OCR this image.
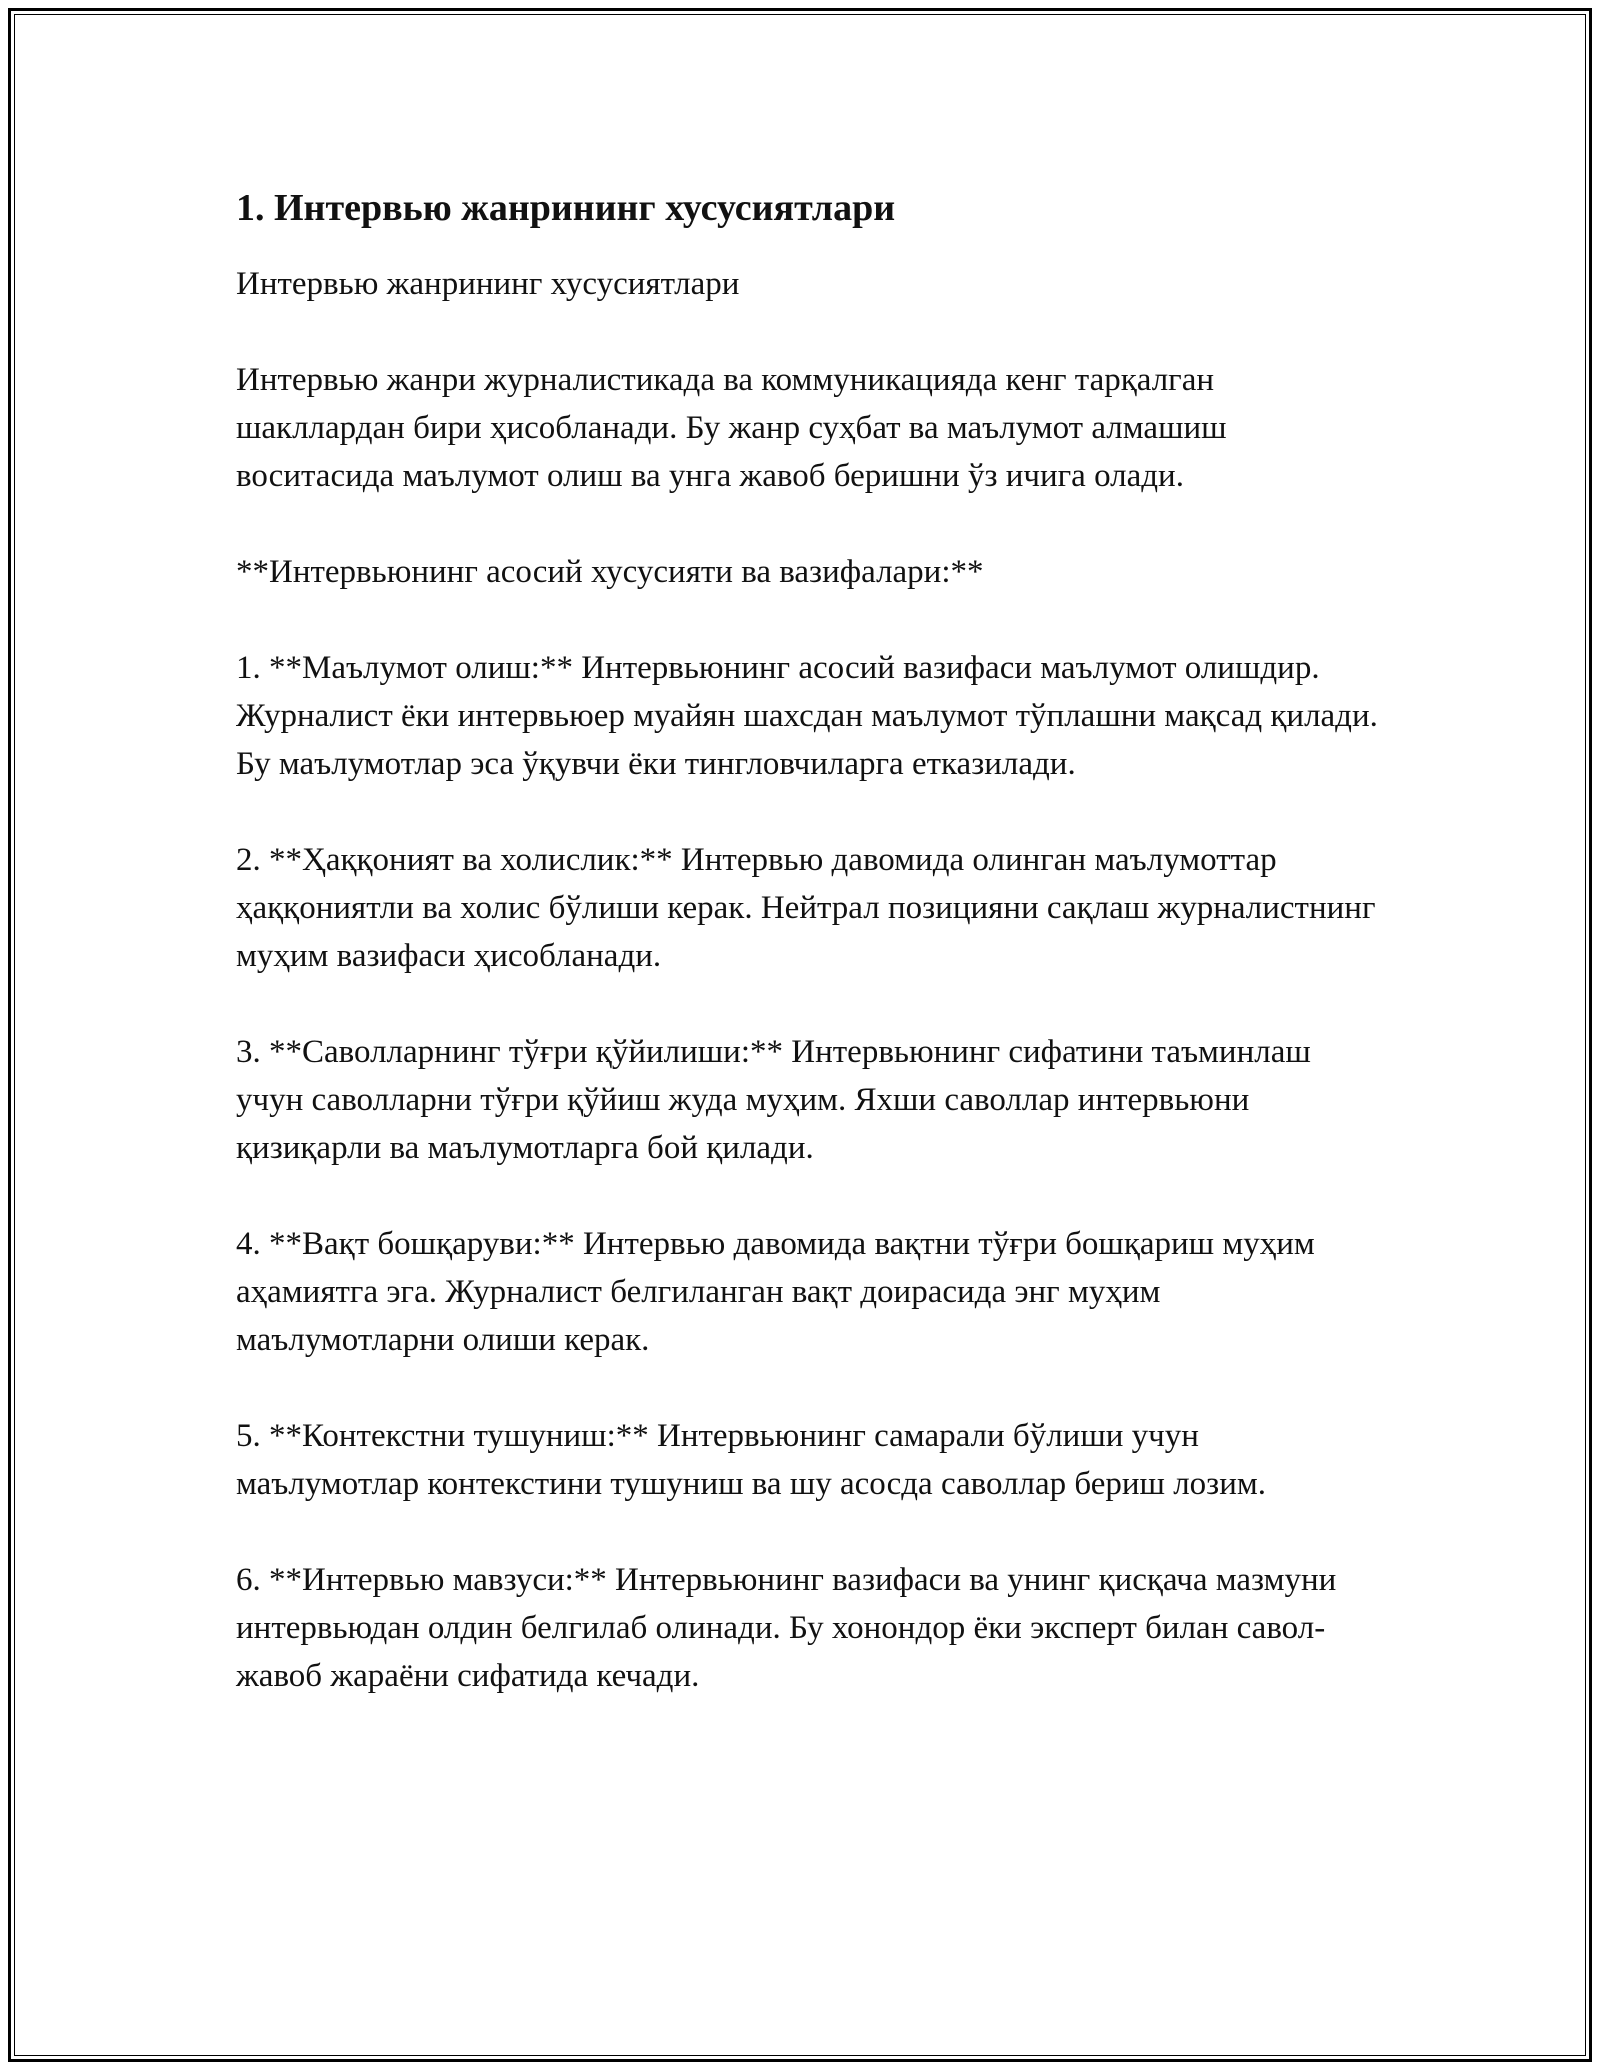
1. Интервью жанрининг хусусиятлари

Интервью жанрининг хусусиятлари

Интервью жанри журналистикада ва коммуникацияда кенг тарқалган шакллардан бири ҳисобланади. Бу жанр суҳбат ва маълумот алмашиш воситасида маълумот олиш ва унга жавоб беришни ўз ичига олади.

**Интервьюнинг асосий хусусияти ва вазифалари:**

1. **Маълумот олиш:** Интервьюнинг асосий вазифаси маълумот олишдир. Журналист ёки интервьюер муайян шахсдан маълумот тўплашни мақсад қилади. Бу маълумотлар эса ўқувчи ёки тингловчиларга етказилади.

2. **Ҳаққоният ва холислик:** Интервью давомида олинган маълумоттар ҳаққониятли ва холис бўлиши керак. Нейтрал позицияни сақлаш журналистнинг муҳим вазифаси ҳисобланади.

3. **Саволларнинг тўғри қўйилиши:** Интервьюнинг сифатини таъминлаш учун саволларни тўғри қўйиш жуда муҳим. Яхши саволлар интервьюни қизиқарли ва маълумотларга бой қилади.

4. **Вақт бошқаруви:** Интервью давомида вақтни тўғри бошқариш муҳим аҳамиятга эга. Журналист белгиланган вақт доирасида энг муҳим маълумотларни олиши керак.

5. **Контекстни тушуниш:** Интервьюнинг самарали бўлиши учун маълумотлар контекстини тушуниш ва шу асосда саволлар бериш лозим.

6. **Интервью мавзуси:** Интервьюнинг вазифаси ва унинг қисқача мазмуни интервьюдан олдин белгилаб олинади. Бу хонондор ёки эксперт билан савол-жавоб жараёни сифатида кечади.
